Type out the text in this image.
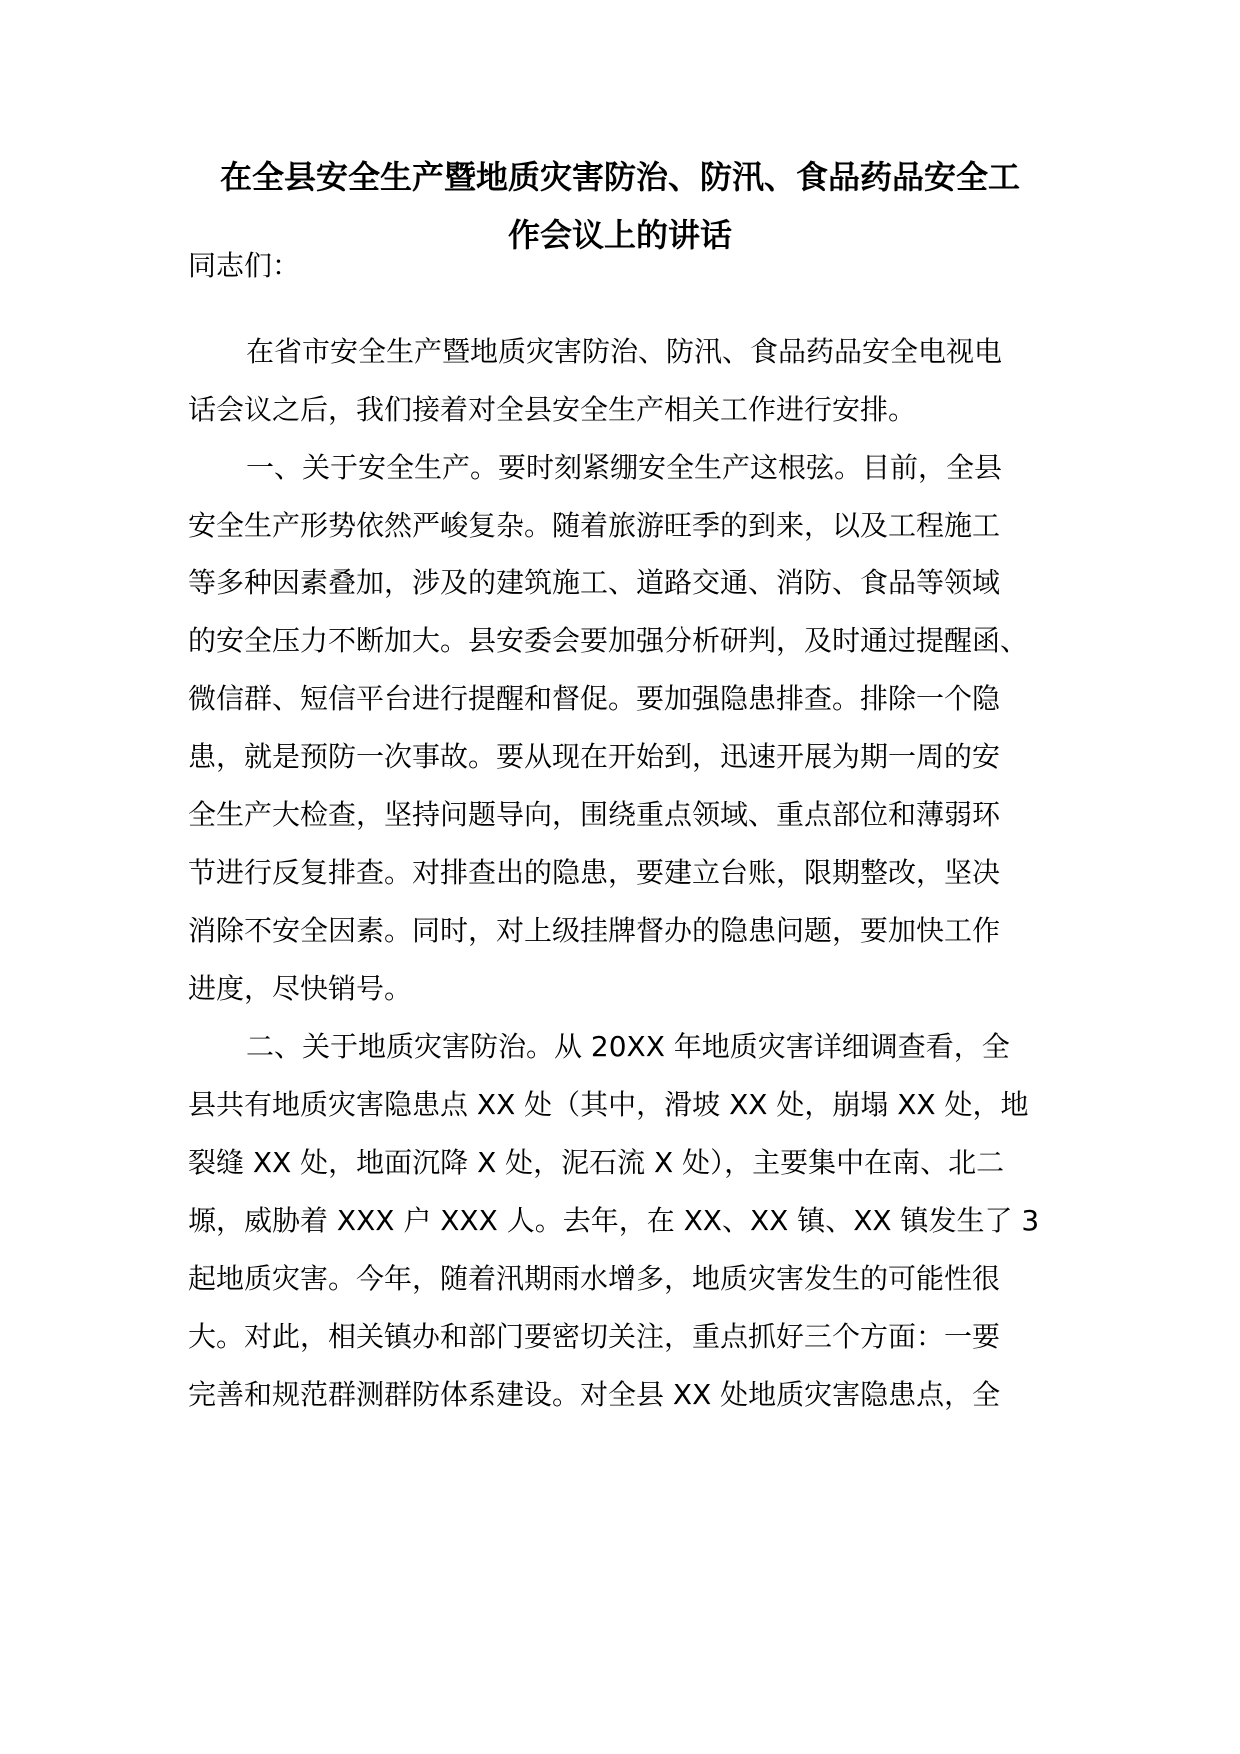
在全县安全生产暨地质灾害防治、防汛、食品药品安全工
作会议上的讲话
同志们：
在省市安全生产暨地质灾害防治、防汛、食品药品安全电视电
话会议之后，我们接着对全县安全生产相关工作进行安排。
一、关于安全生产。要时刻紧绷安全生产这根弦。目前，全县
安全生产形势依然严峻复杂。随着旅游旺季的到来，以及工程施工
等多种因素叠加，涉及的建筑施工、道路交通、消防、食品等领域
的安全压力不断加大。县安委会要加强分析研判，及时通过提醒函、
微信群、短信平台进行提醒和督促。要加强隐患排查。排除一个隐
患，就是预防一次事故。要从现在开始到，迅速开展为期一周的安
全生产大检查，坚持问题导向，围绕重点领域、重点部位和薄弱环
节进行反复排查。对排查出的隐患，要建立台账，限期整改，坚决
消除不安全因素。同时，对上级挂牌督办的隐患问题，要加快工作
进度，尽快销号。
二、关于地质灾害防治。从 20XX 年地质灾害详细调查看，全
县共有地质灾害隐患点 XX 处（其中，滑坡 XX 处，崩塌 XX 处，地
裂缝 XX 处，地面沉降 X 处，泥石流 X 处），主要集中在南、北二
塬，威胁着 XXX 户 XXX 人。去年，在 XX、XX 镇、XX 镇发生了 3
起地质灾害。今年，随着汛期雨水增多，地质灾害发生的可能性很
大。对此，相关镇办和部门要密切关注，重点抓好三个方面：一要
完善和规范群测群防体系建设。对全县 XX 处地质灾害隐患点，全
